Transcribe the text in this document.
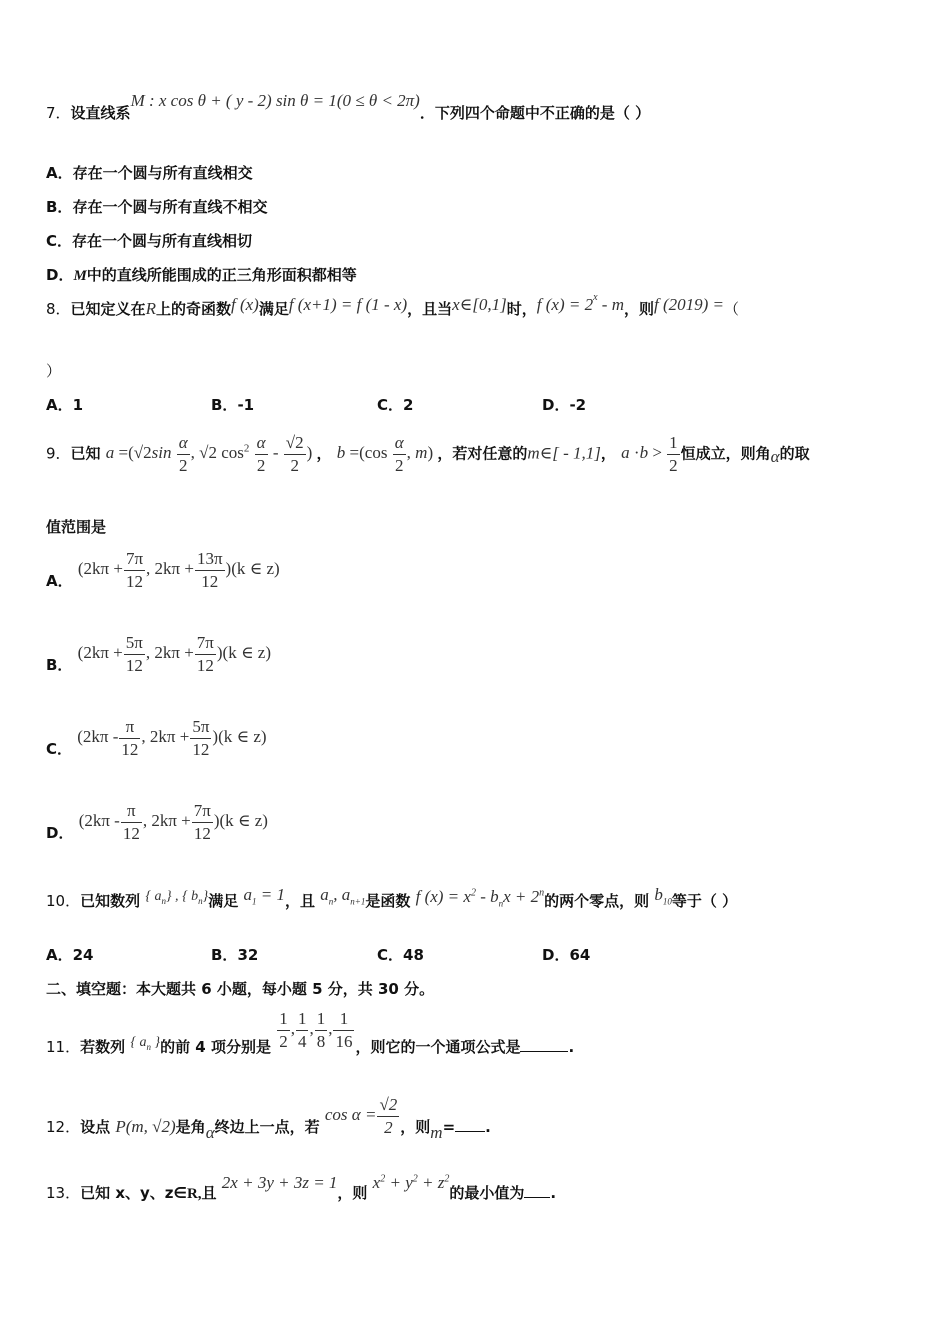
7．设直线系M : x cos θ + ( y - 2) sin θ = 1(0 ≤ θ < 2π)．下列四个命题中不正确的是（ ）
A．存在一个圆与所有直线相交
B．存在一个圆与所有直线不相交
C．存在一个圆与所有直线相切
D．M中的直线所能围成的正三角形面积都相等
8．已知定义在R上的奇函数f (x)满足f (x+1) = f (1 - x)，且当x∈[0,1]时，f $(x) = 2^x - m$，则f (2019) =（
）
A．1	B．-1	C．2	D．-2
9．已知 $a =(√2\sin \frac{\alpha}{2}$ , √2 $\cos^2 \frac{\alpha}{2} - \frac{√2}{2}$ ) ， $b =(\cos \frac{\alpha}{2}$ , m) ，若对任意的m∈[ - 1,1]， $a \cdot b > \frac{1}{2}$ 恒成立，则角α的取
值范围是
A． ($2k\pi + \frac{7\pi}{12}$ , $2k\pi + \frac{13\pi}{12} )(k$ ∈ z)
B． ($2k\pi + \frac{5\pi}{12}$ , $2k\pi + \frac{7\pi}{12} )(k$ ∈ z)
C． ($2k\pi - \frac{\pi}{12}$ , $2k\pi + \frac{5\pi}{12} )(k$ ∈ z)
D． ($2k\pi - \frac{\pi}{12}$ , $2k\pi + \frac{7\pi}{12} )(k$ ∈ z)
10．已知数列 { $a_n$} , { $b_n$}满足 $a_1 = 1$，且 $a_n$, $a_{n+1}$是函数 f $(x) = x^2 - b_nx + 2^n$的两个零点，则 $b_{10}$等于（ ）
A．24	B．32	C．48	D．64
二、填空题：本大题共 6 小题，每小题 5 分，共 30 分。
11．若数列 { $a_n$ }的前 4 项分别是 $\frac{1}{2}$ , $\frac{1}{4}$ , $\frac{1}{8}$ , $\frac{1}{16}$ ，则它的一个通项公式是	.
12．设点 P(m, √2)是角α终边上一点，若 $\cos \alpha = \frac{√2}{2}$ ，则m= .
13．已知 x、y、z∈R,且 2x + 3y + 3z = 1，则 $x^2 + y^2 + z^2$的最小值为 .
